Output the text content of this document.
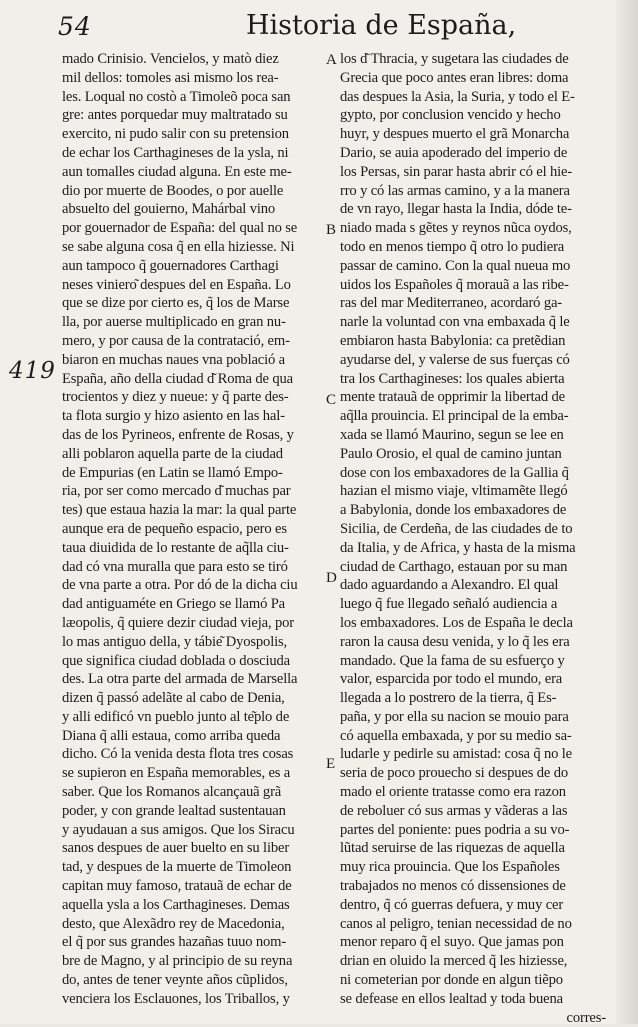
54	Historia de España,
419
A
B
C
D
E
mado Crinisio. Vencielos, y matò diez
mil dellos: tomoles asi mismo los rea-
les. Loqual no costò a Timoleõ poca san
gre: antes porquedar muy maltratado su
exercito, ni pudo salir con su pretension
de echar los Carthagineses de la ysla, ni
aun tomalles ciudad alguna. En este me-
dio por muerte de Boodes, o por auelle
absuelto del gouierno, Mahárbal vino
por gouernador de España: del qual no se
se sabe alguna cosa q̃ en ella hiziesse. Ni
aun tampoco q̃ gouernadores Carthagi
neses viniero͂ despues del en España. Lo
que se dize por cierto es, q̃ los de Marse
lla, por auerse multiplicado en gran nu-
mero, y por causa de la contratació, em-
biaron en muchas naues vna població a
España, año della ciudad d͂ Roma de qua
trocientos y diez y nueue: y q̃ parte des-
ta flota surgio y hizo asiento en las hal-
das de los Pyrineos, enfrente de Rosas, y
alli poblaron aquella parte de la ciudad
de Empurias (en Latin se llamó Empo-
ria, por ser como mercado d͂ muchas par
tes) que estaua hazia la mar: la qual parte
aunque era de pequeño espacio, pero es
taua diuidida de lo restante de aq̃lla ciu-
dad có vna muralla que para esto se tiró
de vna parte a otra. Por dó de la dicha ciu
dad antiguaméte en Griego se llamó Pa
læopolis, q̃ quiere dezir ciudad vieja, por
lo mas antiguo della, y tábie͂ Dyospolis,
que significa ciudad doblada o dosciuda
des. La otra parte del armada de Marsella
dizen q̃ passó adelãte al cabo de Denia,
y alli edificó vn pueblo junto al te͂plo de
Diana q̃ alli estaua, como arriba queda
dicho. Có la venida desta flota tres cosas
se supieron en España memorables, es a
saber. Que los Romanos alcançauã grã
poder, y con grande lealtad sustentauan
y ayudauan a sus amigos. Que los Siracu
sanos despues de auer buelto en su liber
tad, y despues de la muerte de Timoleon
capitan muy famoso, tratauã de echar de
aquella ysla a los Carthagineses. Demas
desto, que Alexãdro rey de Macedonia,
el q̃ por sus grandes hazañas tuuo nom-
bre de Magno, y al principio de su reyna
do, antes de tener veynte años cũplidos,
venciera los Esclauones, los Triballos, y
los d͂ Thracia, y sugetara las ciudades de
Grecia que poco antes eran libres: doma
das despues la Asia, la Suria, y todo el E-
gypto, por conclusion vencido y hecho
huyr, y despues muerto el grã Monarcha
Dario, se auia apoderado del imperio de
los Persas, sin parar hasta abrir có el hie-
rro y có las armas camino, y a la manera
de vn rayo, llegar hasta la India, dóde te-
niado mada s gẽtes y reynos nũca oydos,
todo en menos tiempo q̃ otro lo pudiera
passar de camino. Con la qual nueua mo
uidos los Españoles q̃ morauã a las ribe-
ras del mar Mediterraneo, acordaró ga-
narle la voluntad con vna embaxada q̃ le
embiaron hasta Babylonia: ca pretẽdian
ayudarse del, y valerse de sus fuerças có
tra los Carthagineses: los quales abierta
mente tratauã de opprimir la libertad de
aq̃lla prouincia. El principal de la emba-
xada se llamó Maurino, segun se lee en
Paulo Orosio, el qual de camino juntan
dose con los embaxadores de la Gallia q̃
hazian el mismo viaje, vltimamẽte llegó
a Babylonia, donde los embaxadores de
Sicilia, de Cerdeña, de las ciudades de to
da Italia, y de Africa, y hasta de la misma
ciudad de Carthago, estauan por su man
dado aguardando a Alexandro. El qual
luego q̃ fue llegado señaló audiencia a
los embaxadores. Los de España le decla
raron la causa desu venida, y lo q̃ les era
mandado. Que la fama de su esfuerço y
valor, esparcida por todo el mundo, era
llegada a lo postrero de la tierra, q̃ Es-
paña, y por ella su nacion se mouio para
có aquella embaxada, y por su medio sa-
ludarle y pedirle su amistad: cosa q̃ no le
seria de poco prouecho si despues de do
mado el oriente tratasse como era razon
de reboluer có sus armas y vãderas a las
partes del poniente: pues podria a su vo-
lũtad seruirse de las riquezas de aquella
muy rica prouincia. Que los Españoles
trabajados no menos có dissensiones de
dentro, q̃ có guerras defuera, y muy cer
canos al peligro, tenian necessidad de no
menor reparo q̃ el suyo. Que jamas pon
drian en oluido la merced q̃ les hiziesse,
ni cometerian por donde en algun tiẽpo
se defease en ellos lealtad y toda buena
corres-
